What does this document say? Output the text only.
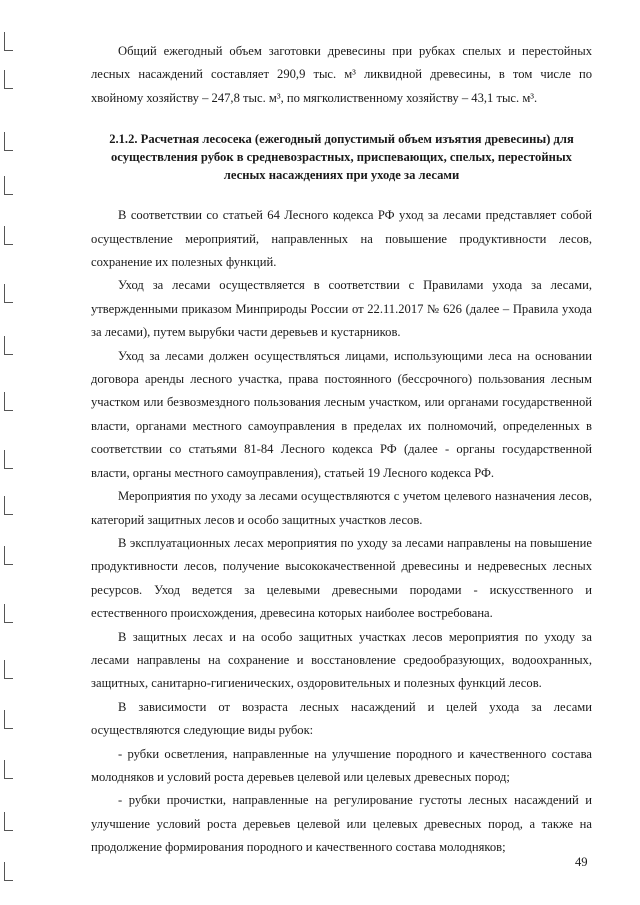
Общий ежегодный объем заготовки древесины при рубках спелых и перестойных лесных насаждений составляет 290,9 тыс. м³ ликвидной древесины, в том числе по хвойному хозяйству – 247,8 тыс. м³, по мягколиственному хозяйству – 43,1 тыс. м³.

2.1.2. Расчетная лесосека (ежегодный допустимый объем изъятия древесины) для осуществления рубок в средневозрастных, приспевающих, спелых, перестойных лесных насаждениях при уходе за лесами

В соответствии со статьей 64 Лесного кодекса РФ уход за лесами представляет собой осуществление мероприятий, направленных на повышение продуктивности лесов, сохранение их полезных функций.

Уход за лесами осуществляется в соответствии с Правилами ухода за лесами, утвержденными приказом Минприроды России от 22.11.2017 № 626 (далее – Правила ухода за лесами), путем вырубки части деревьев и кустарников.

Уход за лесами должен осуществляться лицами, использующими леса на основании договора аренды лесного участка, права постоянного (бессрочного) пользования лесным участком или безвозмездного пользования лесным участком, или органами государственной власти, органами местного самоуправления в пределах их полномочий, определенных в соответствии со статьями 81-84 Лесного кодекса РФ (далее - органы государственной власти, органы местного самоуправления), статьей 19 Лесного кодекса РФ.

Мероприятия по уходу за лесами осуществляются с учетом целевого назначения лесов, категорий защитных лесов и особо защитных участков лесов.

В эксплуатационных лесах мероприятия по уходу за лесами направлены на повышение продуктивности лесов, получение высококачественной древесины и недревесных лесных ресурсов. Уход ведется за целевыми древесными породами - искусственного и естественного происхождения, древесина которых наиболее востребована.

В защитных лесах и на особо защитных участках лесов мероприятия по уходу за лесами направлены на сохранение и восстановление средообразующих, водоохранных, защитных, санитарно-гигиенических, оздоровительных и полезных функций лесов.

В зависимости от возраста лесных насаждений и целей ухода за лесами осуществляются следующие виды рубок:

- рубки осветления, направленные на улучшение породного и качественного состава молодняков и условий роста деревьев целевой или целевых древесных пород;

- рубки прочистки, направленные на регулирование густоты лесных насаждений и улучшение условий роста деревьев целевой или целевых древесных пород, а также на продолжение формирования породного и качественного состава молодняков;

49
